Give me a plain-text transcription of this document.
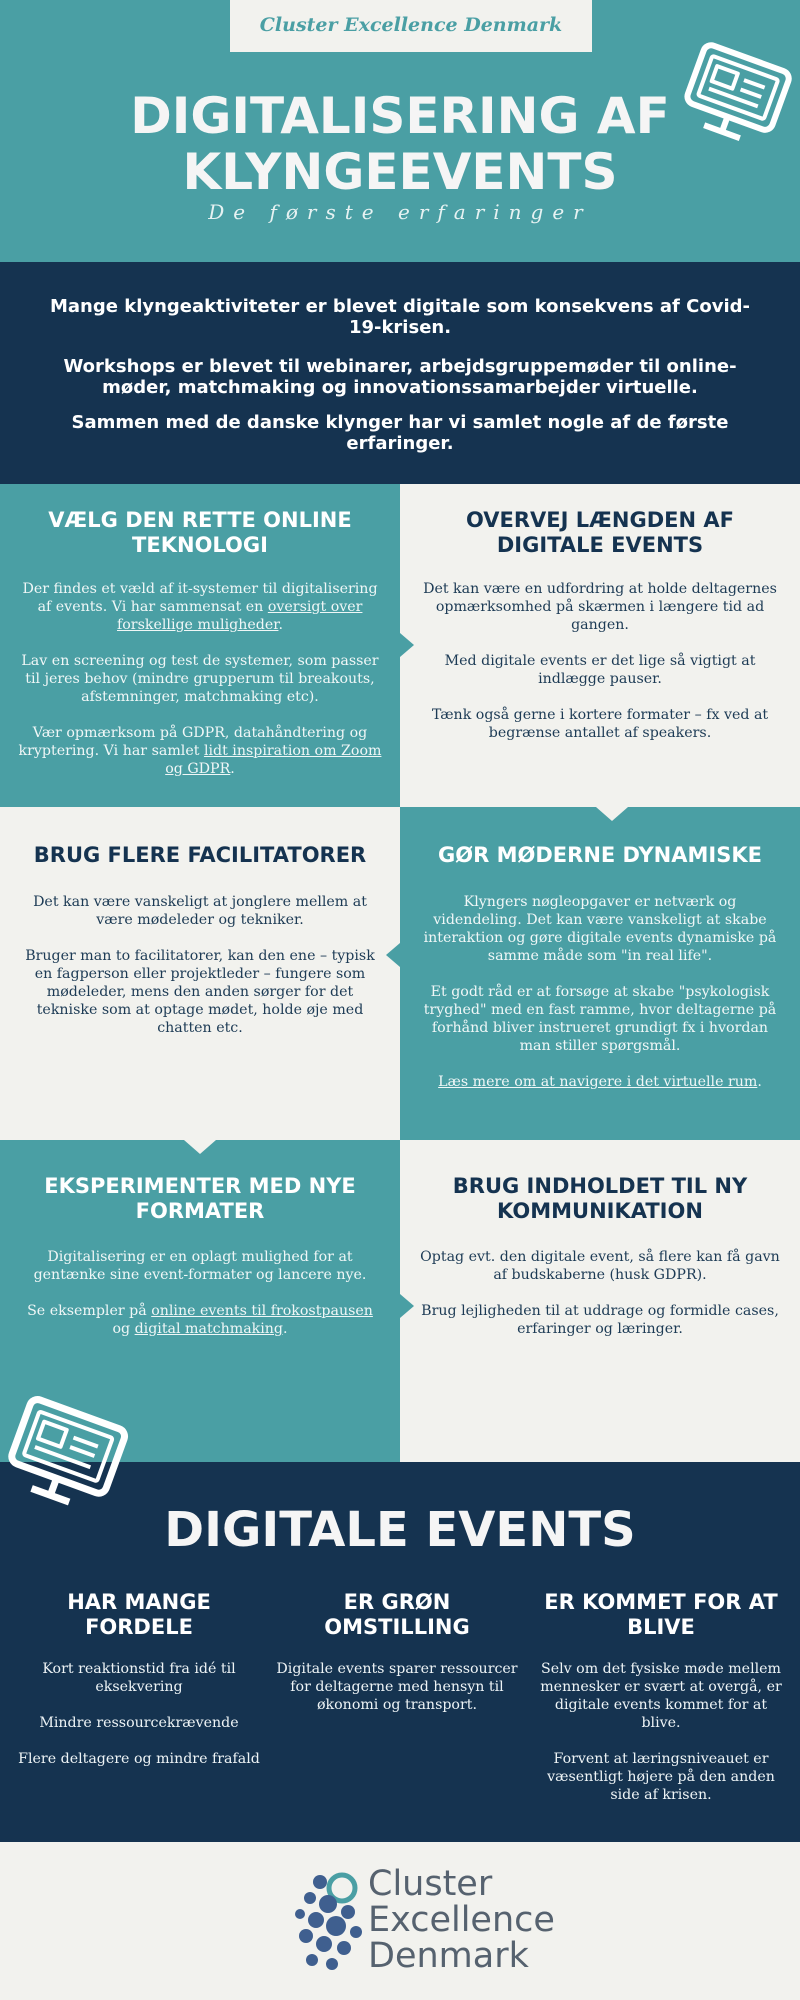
Cluster Excellence Denmark
DIGITALISERING AF
KLYNGEEVENTS
De første erfaringer

Mange klyngeaktiviteter er blevet digitale som konsekvens af Covid-19-krisen.

Workshops er blevet til webinarer, arbejdsgruppemøder til online-møder, matchmaking og innovationssamarbejder virtuelle.

Sammen med de danske klynger har vi samlet nogle af de første erfaringer.

VÆLG DEN RETTE ONLINE TEKNOLOGI

Der findes et væld af it-systemer til digitalisering af events. Vi har sammensat en oversigt over forskellige muligheder.

Lav en screening og test de systemer, som passer til jeres behov (mindre grupperum til breakouts, afstemninger, matchmaking etc).

Vær opmærksom på GDPR, datahåndtering og kryptering. Vi har samlet lidt inspiration om Zoom og GDPR.

OVERVEJ LÆNGDEN AF DIGITALE EVENTS

Det kan være en udfordring at holde deltagernes opmærksomhed på skærmen i længere tid ad gangen.

Med digitale events er det lige så vigtigt at indlægge pauser.

Tænk også gerne i kortere formater – fx ved at begrænse antallet af speakers.

BRUG FLERE FACILITATORER

Det kan være vanskeligt at jonglere mellem at være mødeleder og tekniker.

Bruger man to facilitatorer, kan den ene – typisk en fagperson eller projektleder – fungere som mødeleder, mens den anden sørger for det tekniske som at optage mødet, holde øje med chatten etc.

GØR MØDERNE DYNAMISKE

Klyngers nøgleopgaver er netværk og videndeling. Det kan være vanskeligt at skabe interaktion og gøre digitale events dynamiske på samme måde som "in real life".

Et godt råd er at forsøge at skabe "psykologisk tryghed" med en fast ramme, hvor deltagerne på forhånd bliver instrueret grundigt fx i hvordan man stiller spørgsmål.

Læs mere om at navigere i det virtuelle rum.

EKSPERIMENTER MED NYE FORMATER

Digitalisering er en oplagt mulighed for at gentænke sine event-formater og lancere nye.

Se eksempler på online events til frokostpausen og digital matchmaking.

BRUG INDHOLDET TIL NY KOMMUNIKATION

Optag evt. den digitale event, så flere kan få gavn af budskaberne (husk GDPR).

Brug lejligheden til at uddrage og formidle cases, erfaringer og læringer.

DIGITALE EVENTS
HAR MANGE FORDELE

Kort reaktionstid fra idé til eksekvering

Mindre ressourcekrævende

Flere deltagere og mindre frafald

ER GRØN OMSTILLING

Digitale events sparer ressourcer for deltagerne med hensyn til økonomi og transport.

ER KOMMET FOR AT BLIVE

Selv om det fysiske møde mellem mennesker er svært at overgå, er digitale events kommet for at blive.

Forvent at læringsniveauet er væsentligt højere på den anden side af krisen.

Cluster
Excellence
Denmark
